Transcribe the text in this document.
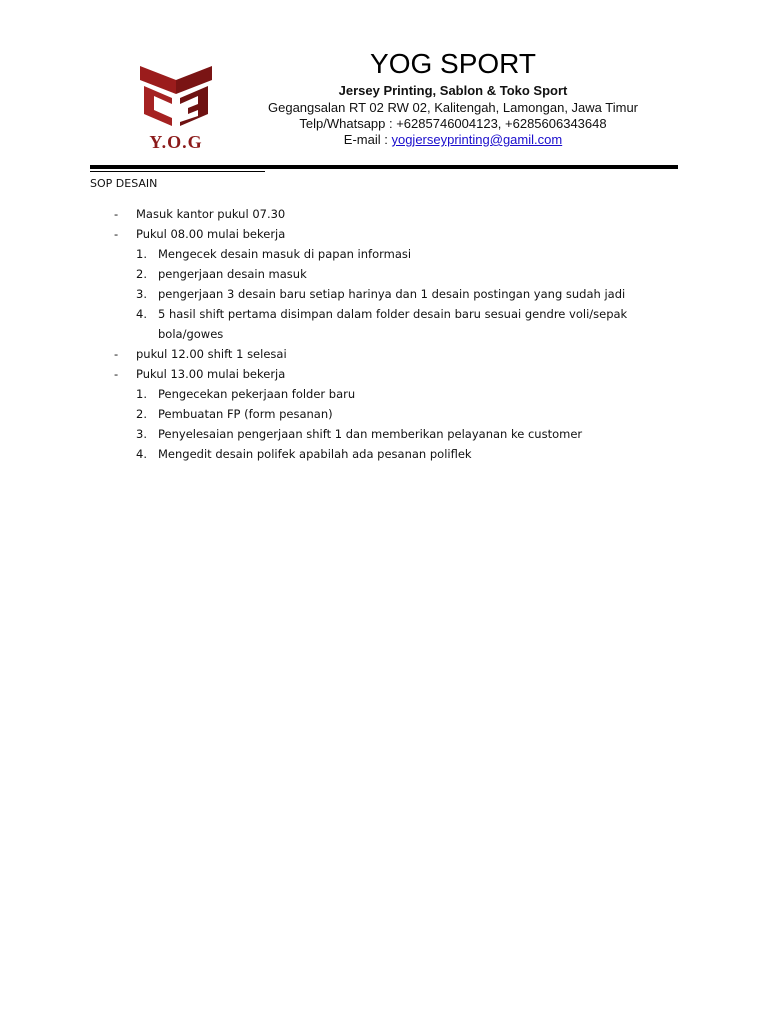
Y.O.G
YOG SPORT
Jersey Printing, Sablon & Toko Sport
Gegangsalan RT 02 RW 02, Kalitengah, Lamongan, Jawa Timur
Telp/Whatsapp : +6285746004123, +6285606343648
E-mail : yogjerseyprinting@gamil.com
SOP DESAIN
- Masuk kantor pukul 07.30
- Pukul 08.00 mulai bekerja
1. Mengecek desain masuk di papan informasi
2. pengerjaan desain masuk
3. pengerjaan 3 desain baru setiap harinya dan 1 desain postingan yang sudah jadi
4. 5 hasil shift pertama disimpan dalam folder desain baru sesuai gendre voli/sepak bola/gowes
- pukul 12.00 shift 1 selesai
- Pukul 13.00 mulai bekerja
1. Pengecekan pekerjaan folder baru
2. Pembuatan FP (form pesanan)
3. Penyelesaian pengerjaan shift 1 dan memberikan pelayanan ke customer
4. Mengedit desain polifek apabilah ada pesanan poliflek
